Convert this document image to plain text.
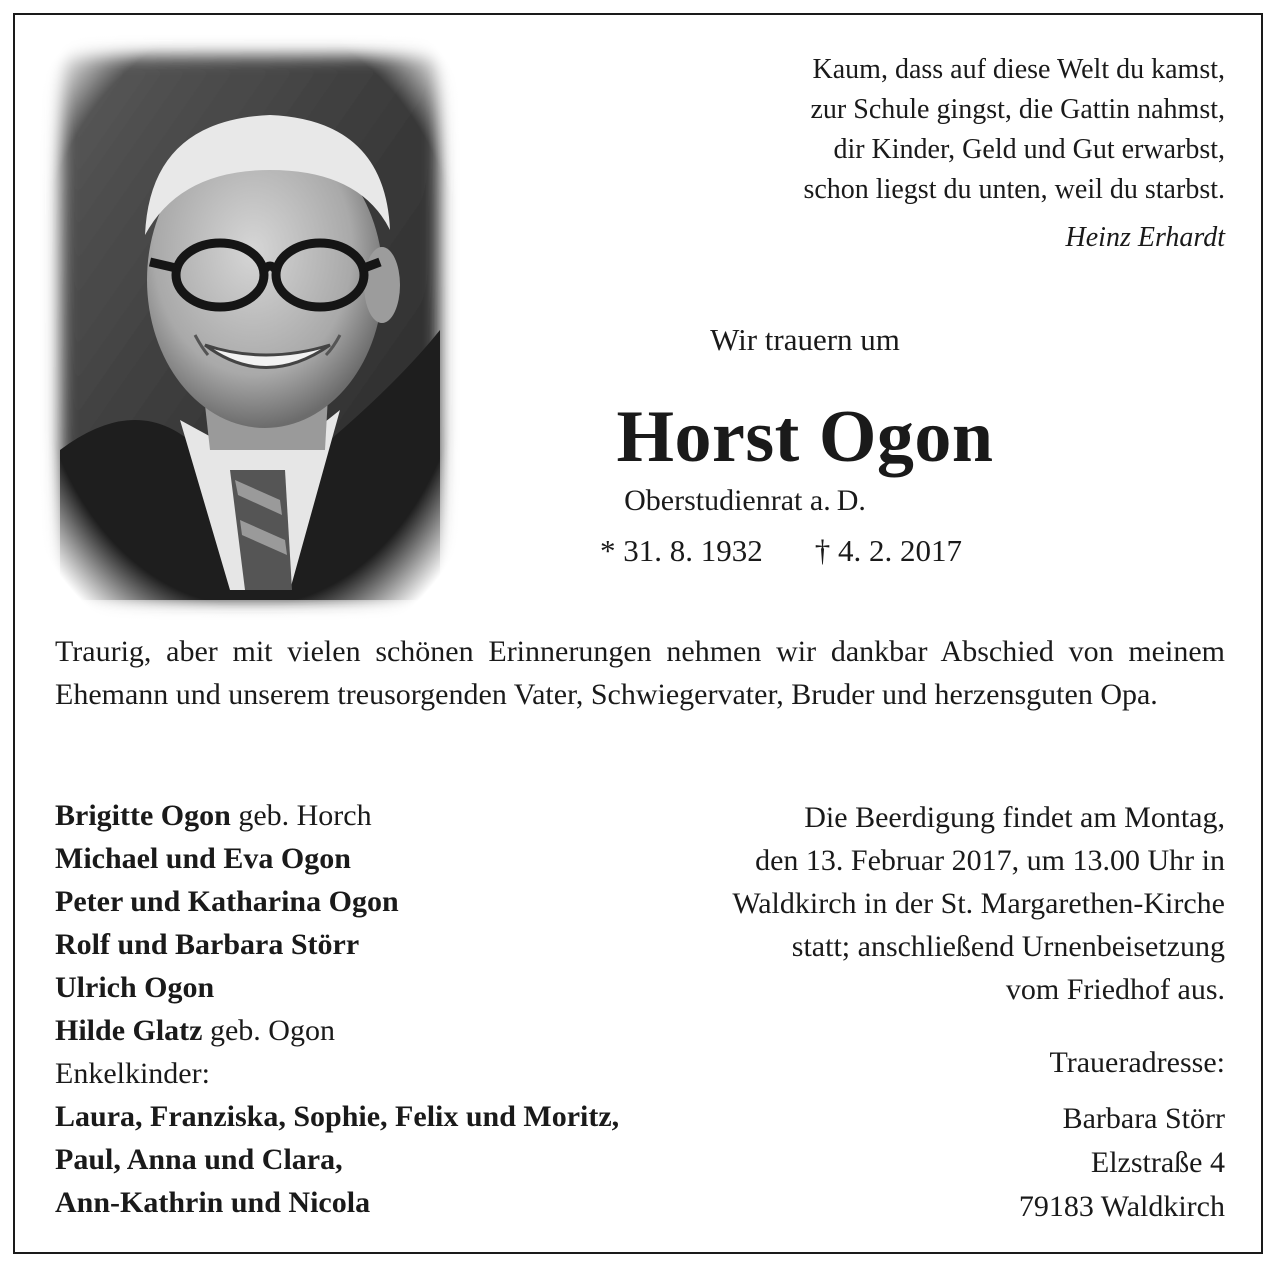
Kaum, dass auf diese Welt du kamst,
zur Schule gingst, die Gattin nahmst,
dir Kinder, Geld und Gut erwarbst,
schon liegst du unten, weil du starbst.
Heinz Erhardt
Wir trauern um
Horst Ogon
Oberstudienrat a. D.
* 31. 8. 1932 † 4. 2. 2017
Traurig, aber mit vielen schönen Erinnerungen nehmen wir dankbar Abschied von meinem Ehemann und unserem treusorgenden Vater, Schwiegervater, Bruder und herzensguten Opa.
Brigitte Ogon geb. Horch
Michael und Eva Ogon
Peter und Katharina Ogon
Rolf und Barbara Störr
Ulrich Ogon
Hilde Glatz geb. Ogon
Enkelkinder:
Laura, Franziska, Sophie, Felix und Moritz,
Paul, Anna und Clara,
Ann-Kathrin und Nicola
Die Beerdigung findet am Montag,
den 13. Februar 2017, um 13.00 Uhr in
Waldkirch in der St. Margarethen-Kirche
statt; anschließend Urnenbeisetzung
vom Friedhof aus.
Traueradresse:
Barbara Störr
Elzstraße 4
79183 Waldkirch
